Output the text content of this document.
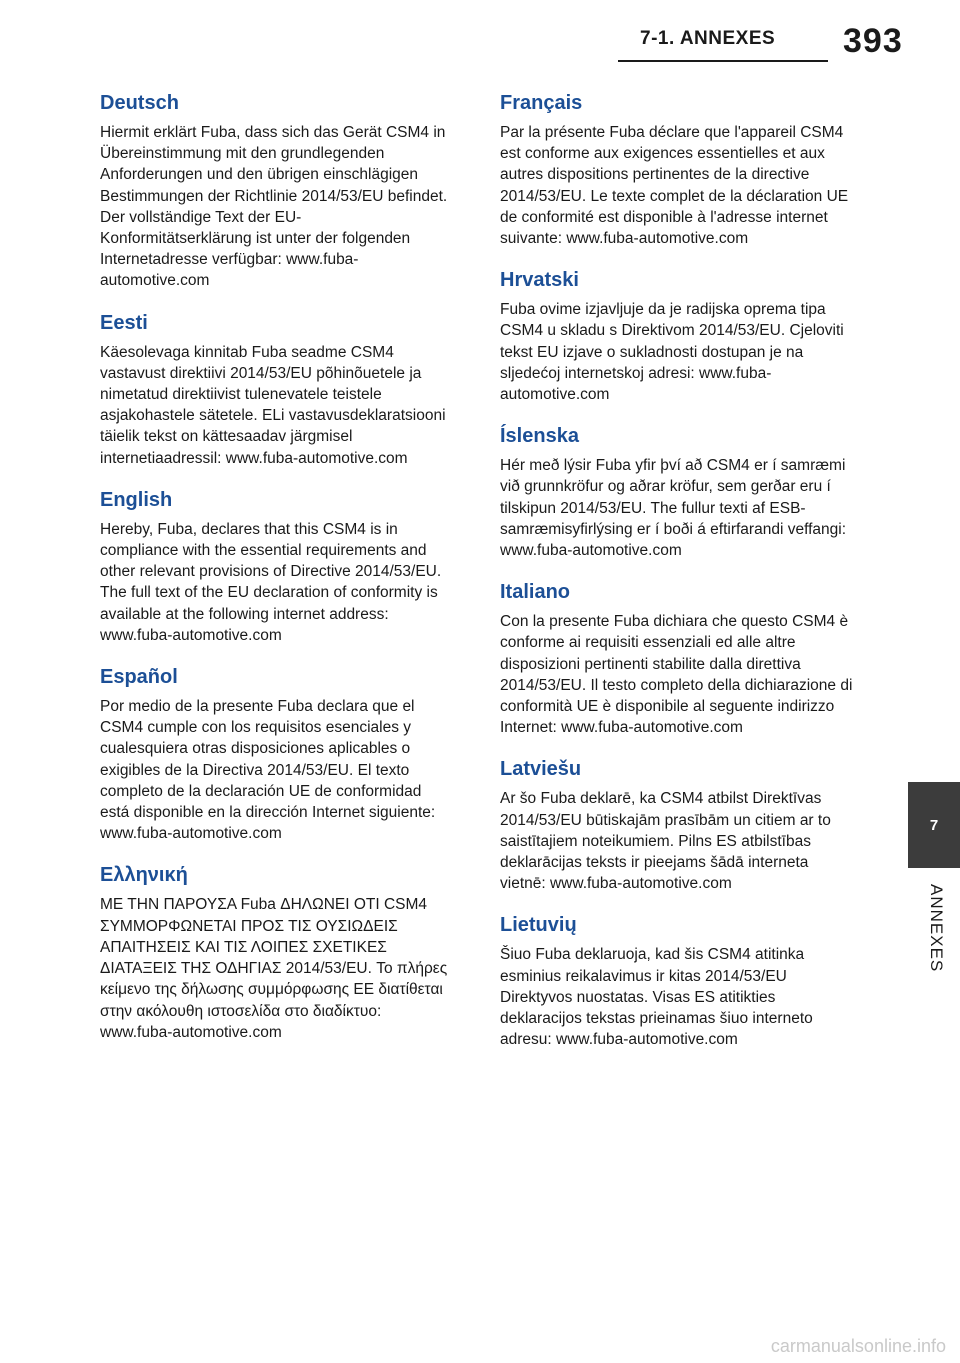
7-1. ANNEXES 393
Deutsch

Hiermit erklärt Fuba, dass sich das Gerät CSM4 in Übereinstimmung mit den grundlegenden Anforderungen und den übrigen einschlägigen Bestimmungen der Richtlinie 2014/53/EU befindet. Der vollständige Text der EU-Konformitätserklärung ist unter der folgenden Internetadresse verfügbar: www.fuba-automotive.com

Eesti

Käesolevaga kinnitab Fuba seadme CSM4 vastavust direktiivi 2014/53/EU põhinõuetele ja nimetatud direktiivist tulenevatele teistele asjakohastele sätetele. ELi vastavusdeklaratsiooni täielik tekst on kättesaadav järgmisel internetiaadressil: www.fuba-automotive.com

English

Hereby, Fuba, declares that this CSM4 is in compliance with the essential requirements and other relevant provisions of Directive 2014/53/EU. The full text of the EU declaration of conformity is available at the following internet address: www.fuba-automotive.com

Español

Por medio de la presente Fuba declara que el CSM4 cumple con los requisitos esenciales y cualesquiera otras disposiciones aplicables o exigibles de la Directiva 2014/53/EU. El texto completo de la declaración UE de conformidad está disponible en la dirección Internet siguiente: www.fuba-automotive.com

Ελληνική

ΜΕ ΤΗΝ ΠΑΡΟΥΣΑ Fuba ΔΗΛΩΝΕΙ ΟΤΙ CSM4 ΣΥΜΜΟΡΦΩΝΕΤΑΙ ΠΡΟΣ ΤΙΣ ΟΥΣΙΩΔΕΙΣ ΑΠΑΙΤΗΣΕΙΣ ΚΑΙ ΤΙΣ ΛΟΙΠΕΣ ΣΧΕΤΙΚΕΣ ΔΙΑΤΑΞΕΙΣ ΤΗΣ ΟΔΗΓΙΑΣ 2014/53/EU. Το πλήρες κείμενο της δήλωσης συμμόρφωσης ΕΕ διατίθεται στην ακόλουθη ιστοσελίδα στο διαδίκτυο: www.fuba-automotive.com

Français

Par la présente Fuba déclare que l'appareil CSM4 est conforme aux exigences essentielles et aux autres dispositions pertinentes de la directive 2014/53/EU. Le texte complet de la déclaration UE de conformité est disponible à l'adresse internet suivante: www.fuba-automotive.com

Hrvatski

Fuba ovime izjavljuje da je radijska oprema tipa CSM4 u skladu s Direktivom 2014/53/EU. Cjeloviti tekst EU izjave o sukladnosti dostupan je na sljedećoj internetskoj adresi: www.fuba-automotive.com

Íslenska

Hér með lýsir Fuba yfir því að CSM4 er í samræmi við grunnkröfur og aðrar kröfur, sem gerðar eru í tilskipun 2014/53/EU. The fullur texti af ESB-samræmisyfirlýsing er í boði á eftirfarandi veffangi: www.fuba-automotive.com

Italiano

Con la presente Fuba dichiara che questo CSM4 è conforme ai requisiti essenziali ed alle altre disposizioni pertinenti stabilite dalla direttiva 2014/53/EU. Il testo completo della dichiarazione di conformità UE è disponibile al seguente indirizzo Internet: www.fuba-automotive.com

Latviešu

Ar šo Fuba deklarē, ka CSM4 atbilst Direktīvas 2014/53/EU būtiskajām prasībām un citiem ar to saistītajiem noteikumiem. Pilns ES atbilstības deklarācijas teksts ir pieejams šādā interneta vietnē: www.fuba-automotive.com

Lietuvių

Šiuo Fuba deklaruoja, kad šis CSM4 atitinka esminius reikalavimus ir kitas 2014/53/EU Direktyvos nuostatas. Visas ES atitikties deklaracijos tekstas prieinamas šiuo interneto adresu: www.fuba-automotive.com

7
ANNEXES
carmanualsonline.info
